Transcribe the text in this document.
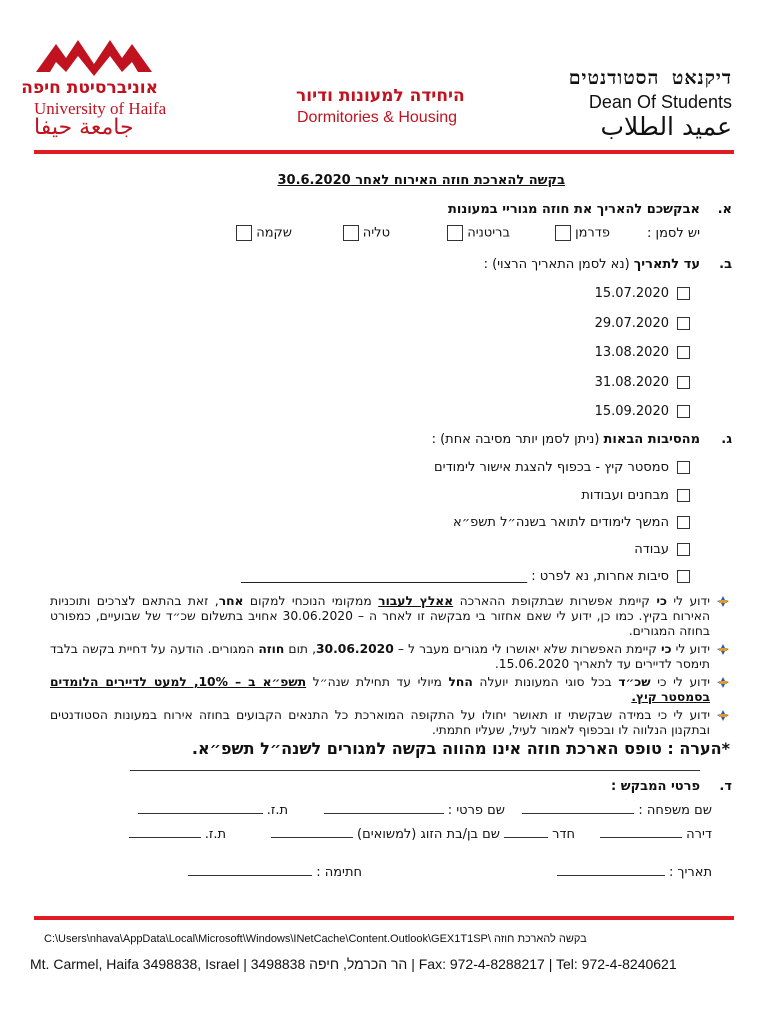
אוניברסיטת חיפה
University of Haifa
جامعة حيفا
היחידה למעונות ודיור
Dormitories & Housing
דיקנאט הסטודנטים
Dean Of Students
عميد الطلاب
בקשה להארכת חוזה האירוח לאחר 30.6.2020
א.
אבקשכם להאריך את חוזה מגוריי במעונות
יש לסמן :
פדרמן
בריטניה
טליה
שקמה
ב.
עד לתאריך (נא לסמן התאריך הרצוי) :
15.07.2020
29.07.2020
13.08.2020
31.08.2020
15.09.2020
ג.
מהסיבות הבאות (ניתן לסמן יותר מסיבה אחת) :
סמסטר קיץ - בכפוף להצגת אישור לימודים
מבחנים ועבודות
המשך לימודים לתואר בשנה״ל תשפ״א
עבודה
סיבות אחרות, נא לפרט : ____________________________________________
ידוע לי כי קיימת אפשרות שבתקופת ההארכה אאלץ לעבור ממקומי הנוכחי למקום אחר, זאת בהתאם לצרכים ותוכניות האירוח בקיץ. כמו כן, ידוע לי שאם אחזור בי מבקשה זו לאחר ה – 30.06.2020 אחויב בתשלום שכ״ד של שבועיים, כמפורט בחוזה המגורים.
ידוע לי כי קיימת האפשרות שלא יאושרו לי מגורים מעבר ל – 30.06.2020, תום חוזה המגורים. הודעה על דחיית בקשה בלבד תימסר לדיירים עד לתאריך 15.06.2020.
ידוע לי כי שכ״ד בכל סוגי המעונות יועלה החל מיולי עד תחילת שנה״ל תשפ״א ב – 10%, למעט לדיירים הלומדים בסמסטר קיץ.
ידוע לי כי במידה שבקשתי זו תאושר יחולו על התקופה המוארכת כל התנאים הקבועים בחוזה אירוח במעונות הסטודנטים ובתקנון הנלווה לו ובכפוף לאמור לעיל, שעליו חתמתי.
*הערה : טופס הארכת חוזה אינו מהווה בקשה למגורים לשנה״ל תשפ״א.
ד.
פרטי המבקש :
שם משפחה :
שם פרטי :
ת.ז.
דירה
חדר
שם בן/בת הזוג (למשואים)
ת.ז.
תאריך :
חתימה :
C:\Users\nhava\AppData\Local\Microsoft\Windows\INetCache\Content.Outlook\GEX1T1SP\ בקשה להארכת חוזה
Mt. Carmel, Haifa 3498838, Israel | 3498838 הר הכרמל, חיפה | Fax: 972-4-8288217 | Tel: 972-4-8240621
